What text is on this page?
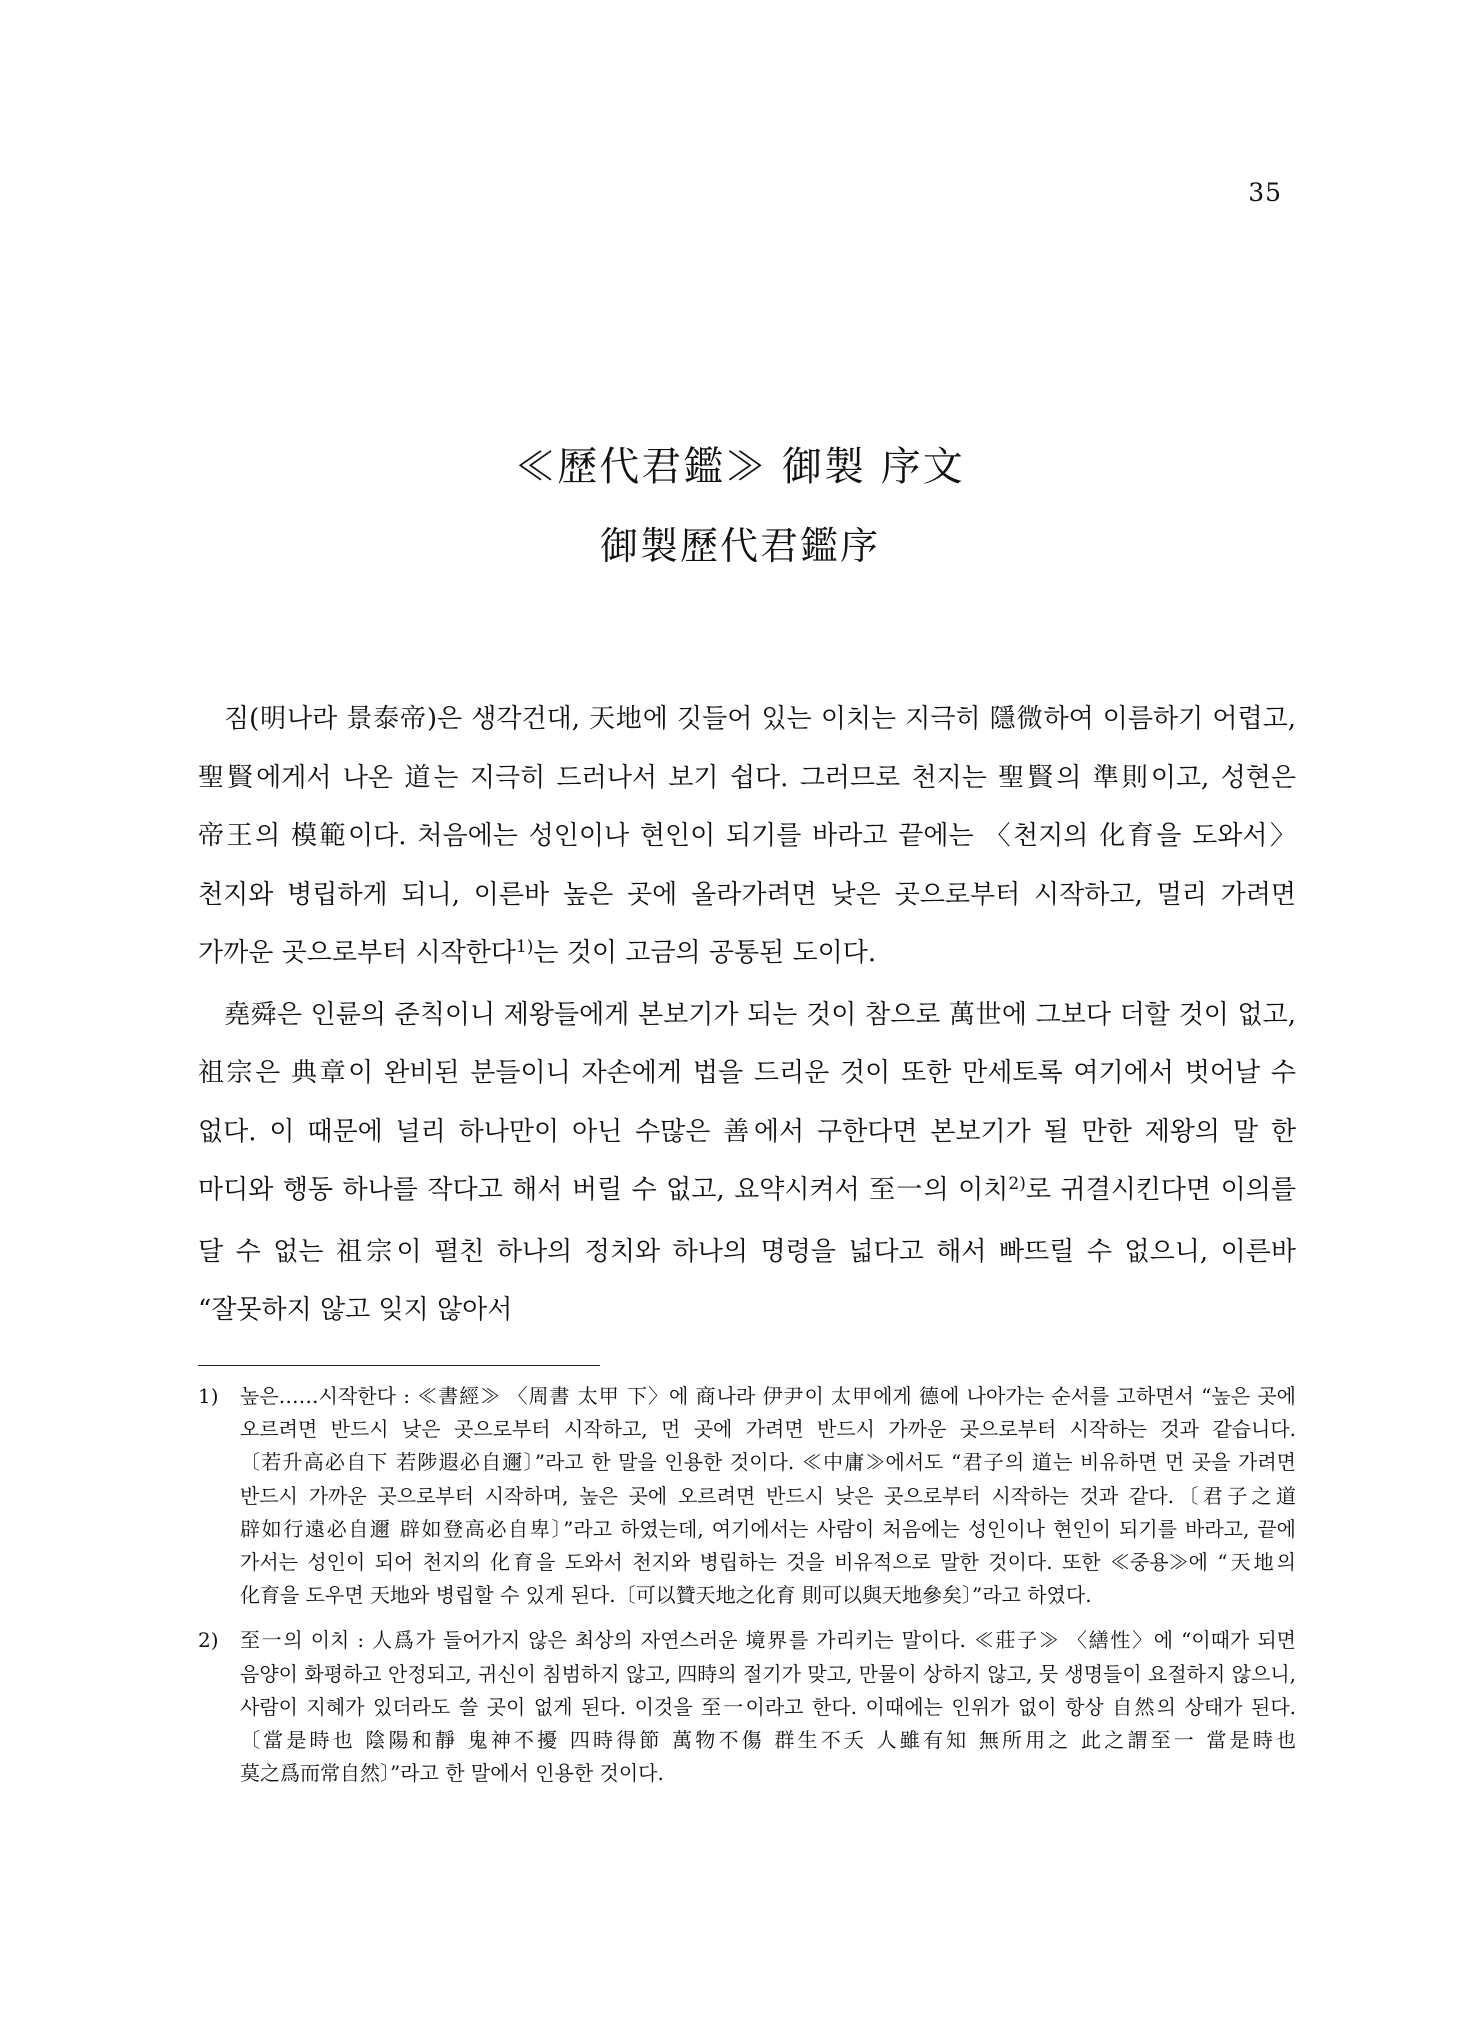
35
≪歷代君鑑≫ 御製 序文
御製歷代君鑑序

짐(明나라 景泰帝)은 생각건대, 天地에 깃들어 있는 이치는 지극히 隱微하여 이름하기 어렵고, 聖賢에게서 나온 道는 지극히 드러나서 보기 쉽다. 그러므로 천지는 聖賢의 準則이고, 성현은 帝王의 模範이다. 처음에는 성인이나 현인이 되기를 바라고 끝에는 〈천지의 化育을 도와서〉 천지와 병립하게 되니, 이른바 높은 곳에 올라가려면 낮은 곳으로부터 시작하고, 멀리 가려면 가까운 곳으로부터 시작한다$^{1)}$는 것이 고금의 공통된 도이다.

堯舜은 인륜의 준칙이니 제왕들에게 본보기가 되는 것이 참으로 萬世에 그보다 더할 것이 없고, 祖宗은 典章이 완비된 분들이니 자손에게 법을 드리운 것이 또한 만세토록 여기에서 벗어날 수 없다. 이 때문에 널리 하나만이 아닌 수많은 善에서 구한다면 본보기가 될 만한 제왕의 말 한 마디와 행동 하나를 작다고 해서 버릴 수 없고, 요약시켜서 至一의 이치$^{2)}$로 귀결시킨다면 이의를 달 수 없는 祖宗이 펼친 하나의 정치와 하나의 명령을 넓다고 해서 빠뜨릴 수 없으니, 이른바 “잘못하지 않고 잊지 않아서

1) 높은……시작한다 : ≪書經≫ 〈周書 太甲 下〉에 商나라 伊尹이 太甲에게 德에 나아가는 순서를 고하면서 “높은 곳에 오르려면 반드시 낮은 곳으로부터 시작하고, 먼 곳에 가려면 반드시 가까운 곳으로부터 시작하는 것과 같습니다.〔若升高必自下 若陟遐必自邇〕”라고 한 말을 인용한 것이다. ≪中庸≫에서도 “君子의 道는 비유하면 먼 곳을 가려면 반드시 가까운 곳으로부터 시작하며, 높은 곳에 오르려면 반드시 낮은 곳으로부터 시작하는 것과 같다.〔君子之道 辟如行遠必自邇 辟如登高必自卑〕”라고 하였는데, 여기에서는 사람이 처음에는 성인이나 현인이 되기를 바라고, 끝에 가서는 성인이 되어 천지의 化育을 도와서 천지와 병립하는 것을 비유적으로 말한 것이다. 또한 ≪중용≫에 “天地의 化育을 도우면 天地와 병립할 수 있게 된다.〔可以贊天地之化育 則可以與天地參矣〕”라고 하였다.
2) 至一의 이치 : 人爲가 들어가지 않은 최상의 자연스러운 境界를 가리키는 말이다. ≪莊子≫ 〈繕性〉에 “이때가 되면 음양이 화평하고 안정되고, 귀신이 침범하지 않고, 四時의 절기가 맞고, 만물이 상하지 않고, 뭇 생명들이 요절하지 않으니, 사람이 지혜가 있더라도 쓸 곳이 없게 된다. 이것을 至一이라고 한다. 이때에는 인위가 없이 항상 自然의 상태가 된다.〔當是時也 陰陽和靜 鬼神不擾 四時得節 萬物不傷 群生不夭 人雖有知 無所用之 此之謂至一 當是時也 莫之爲而常自然〕”라고 한 말에서 인용한 것이다.
